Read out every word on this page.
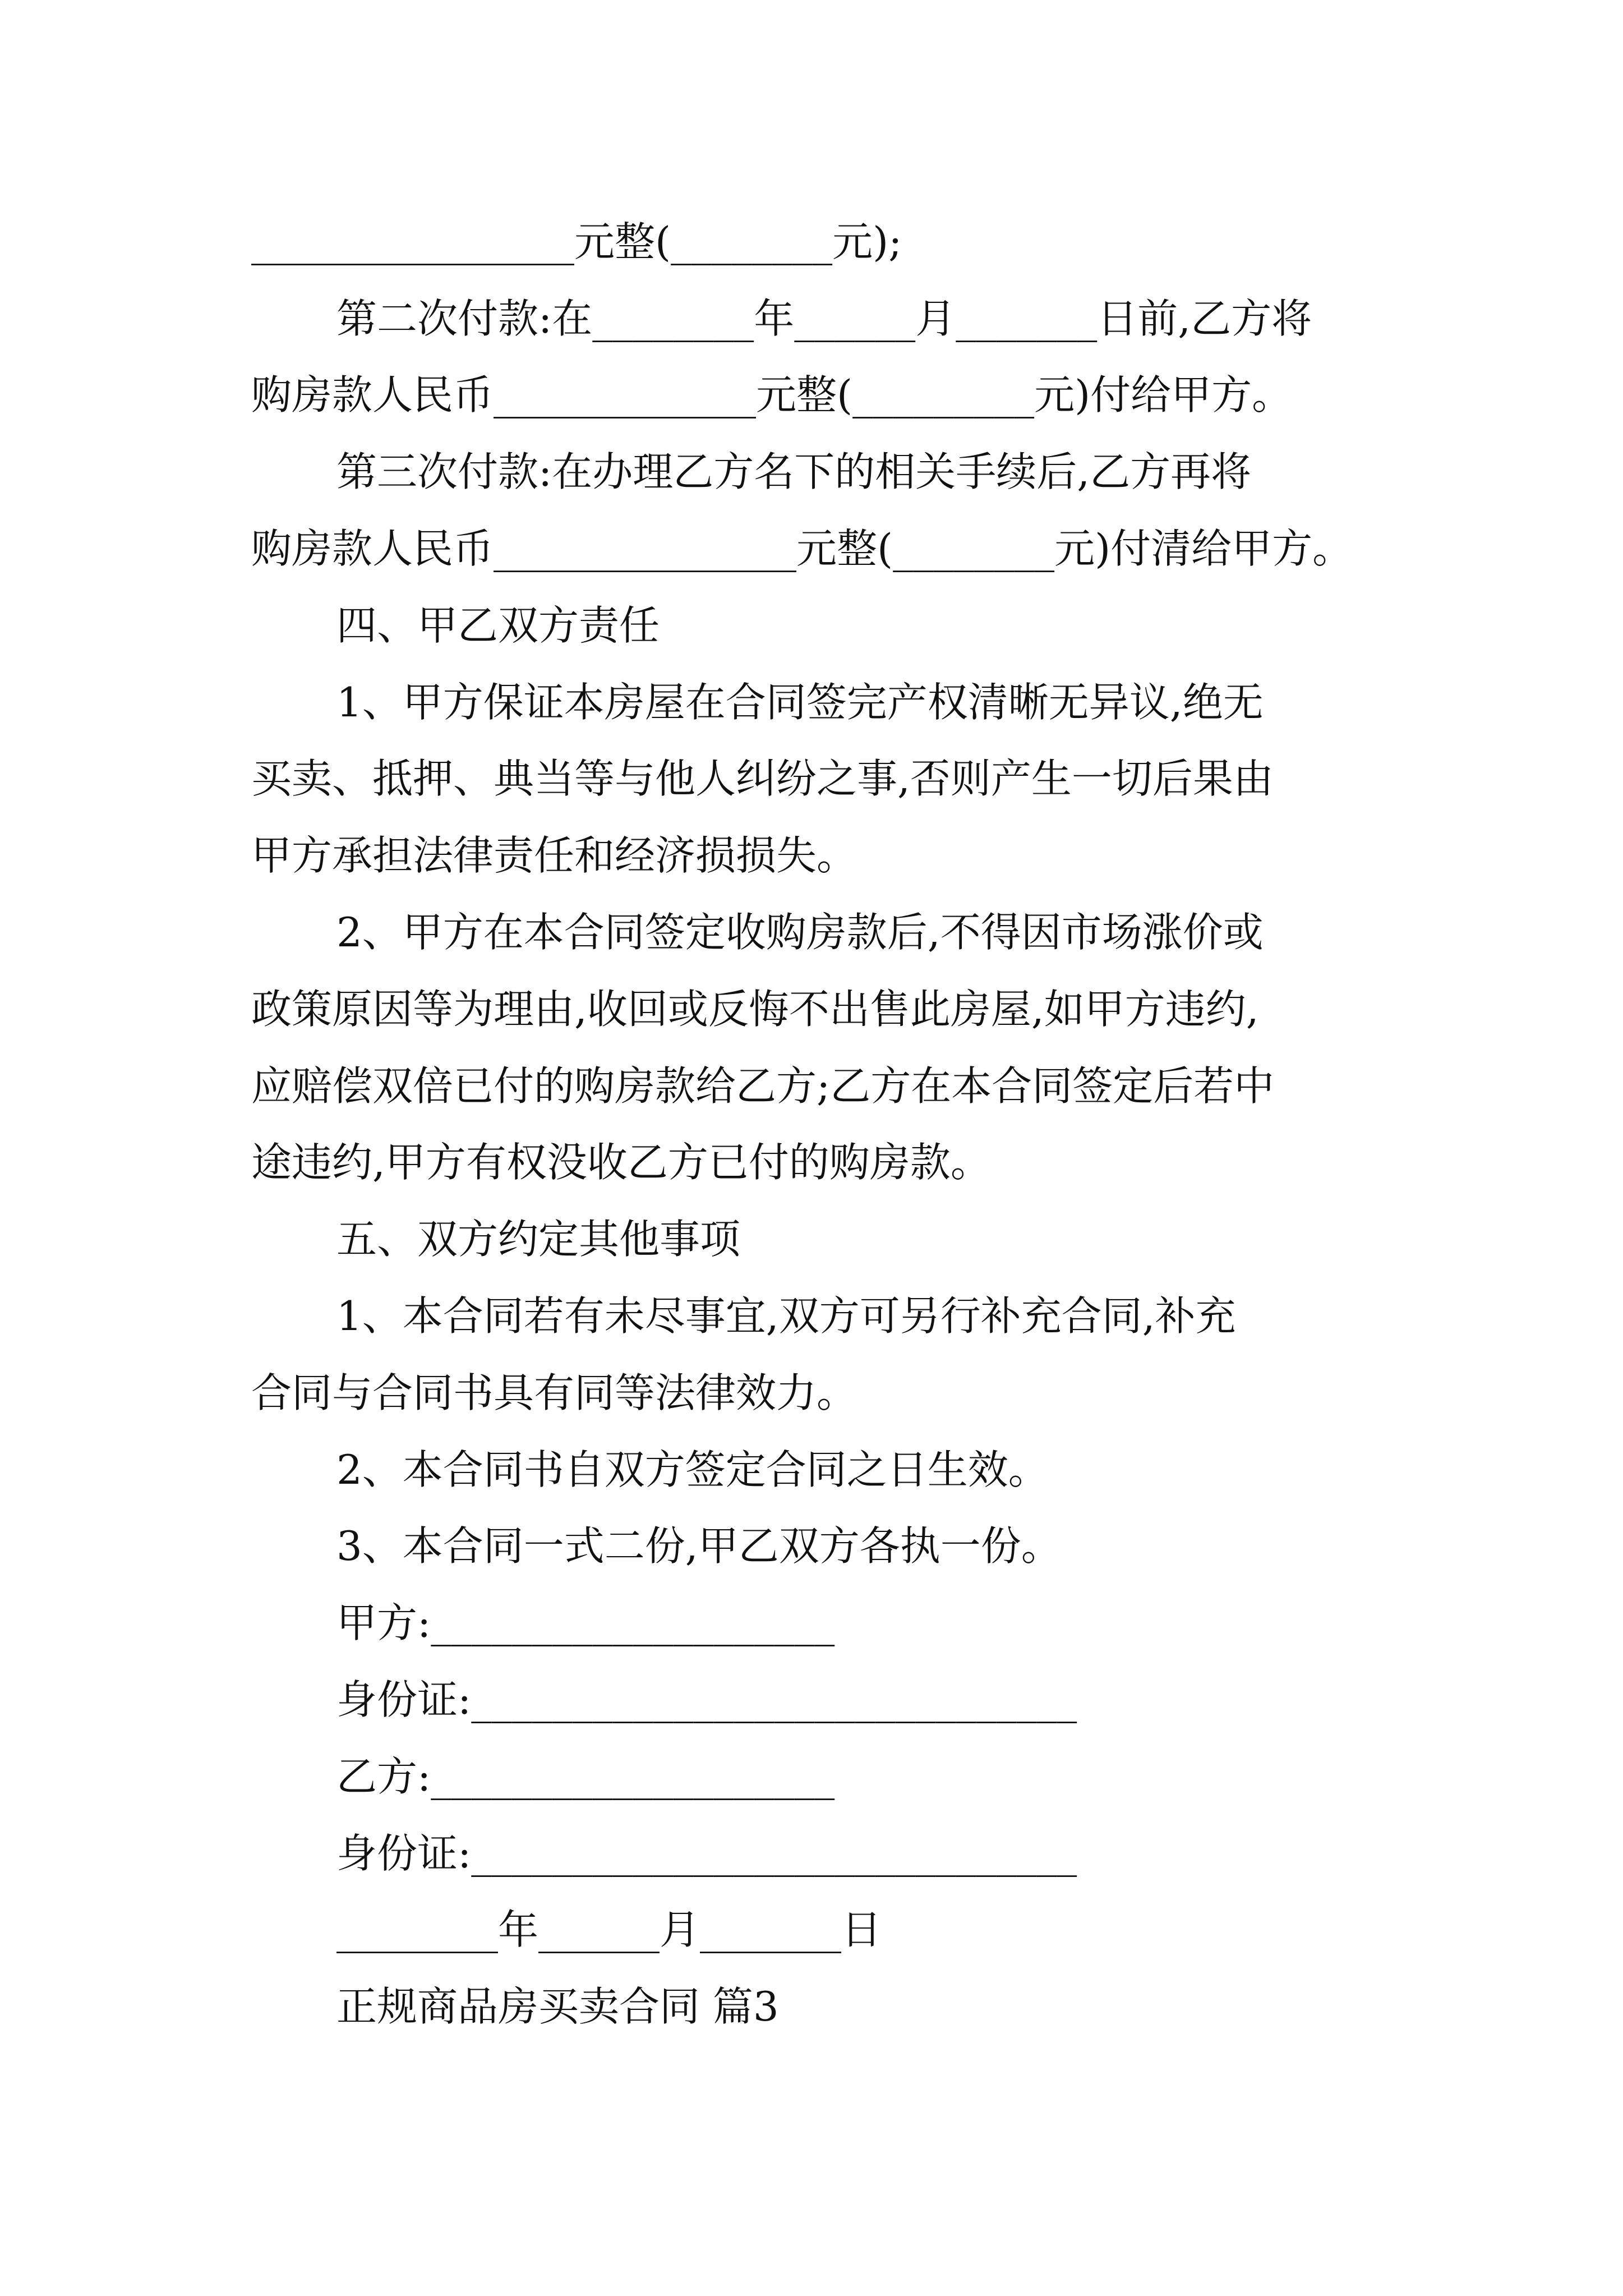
________________元整(________元);
第二次付款:在________年______月_______日前,乙方将
购房款人民币_____________元整(_________元)付给甲方。
第三次付款:在办理乙方名下的相关手续后,乙方再将
购房款人民币_______________元整(________元)付清给甲方。
四、甲乙双方责任
1、甲方保证本房屋在合同签完产权清晰无异议,绝无
买卖、抵押、典当等与他人纠纷之事,否则产生一切后果由
甲方承担法律责任和经济损损失。
2、甲方在本合同签定收购房款后,不得因市场涨价或
政策原因等为理由,收回或反悔不出售此房屋,如甲方违约,
应赔偿双倍已付的购房款给乙方;乙方在本合同签定后若中
途违约,甲方有权没收乙方已付的购房款。
五、双方约定其他事项
1、本合同若有未尽事宜,双方可另行补充合同,补充
合同与合同书具有同等法律效力。
2、本合同书自双方签定合同之日生效。
3、本合同一式二份,甲乙双方各执一份。
甲方:____________________
身份证:______________________________
乙方:____________________
身份证:______________________________
________年______月_______日
正规商品房买卖合同 篇3
